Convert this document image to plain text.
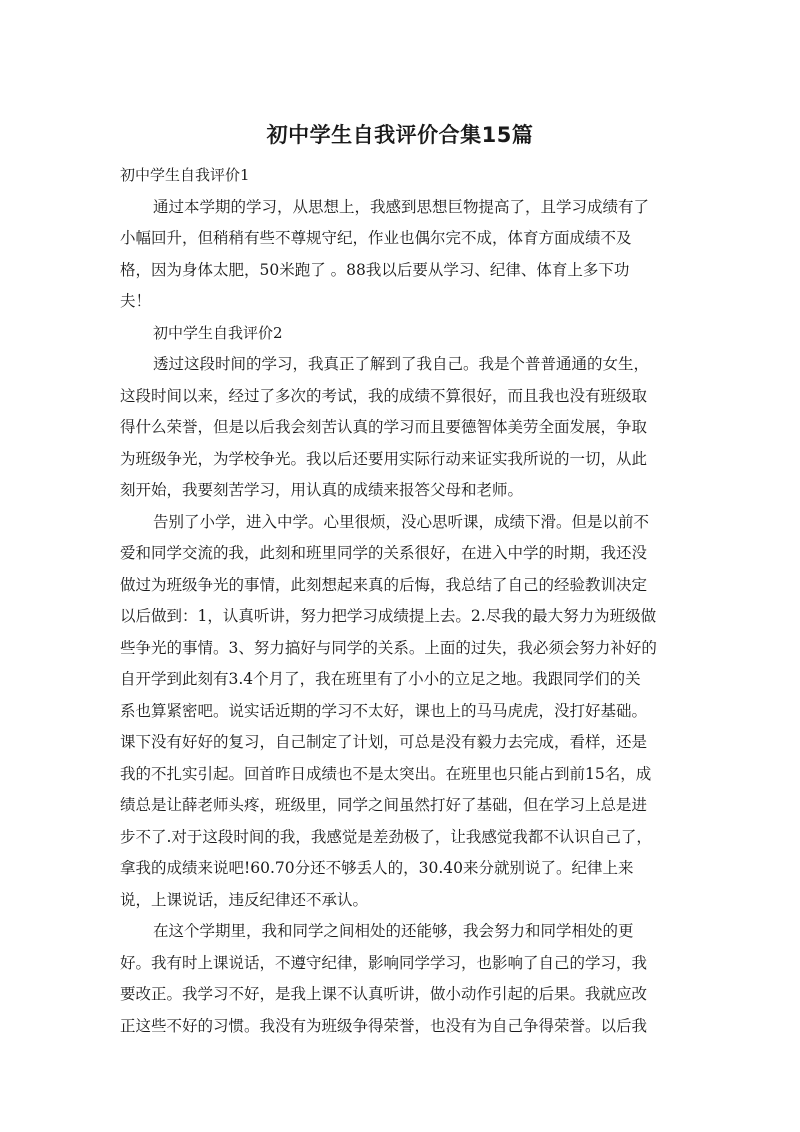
初中学生自我评价合集15篇
初中学生自我评价1
通过本学期的学习，从思想上，我感到思想巨物提高了，且学习成绩有了
小幅回升，但稍稍有些不尊规守纪，作业也偶尔完不成，体育方面成绩不及
格，因为身体太肥，50米跑了 。88我以后要从学习、纪律、体育上多下功
夫！
初中学生自我评价2
透过这段时间的学习，我真正了解到了我自己。我是个普普通通的女生，
这段时间以来，经过了多次的考试，我的成绩不算很好，而且我也没有班级取
得什么荣誉，但是以后我会刻苦认真的学习而且要德智体美劳全面发展，争取
为班级争光，为学校争光。我以后还要用实际行动来证实我所说的一切，从此
刻开始，我要刻苦学习，用认真的成绩来报答父母和老师。
告别了小学，进入中学。心里很烦，没心思听课，成绩下滑。但是以前不
爱和同学交流的我，此刻和班里同学的关系很好，在进入中学的时期，我还没
做过为班级争光的事情，此刻想起来真的后悔，我总结了自己的经验教训决定
以后做到：1，认真听讲，努力把学习成绩提上去。2.尽我的最大努力为班级做
些争光的事情。3、努力搞好与同学的关系。上面的过失，我必须会努力补好的
自开学到此刻有3.4个月了，我在班里有了小小的立足之地。我跟同学们的关
系也算紧密吧。说实话近期的学习不太好，课也上的马马虎虎，没打好基础。
课下没有好好的复习，自己制定了计划，可总是没有毅力去完成，看样，还是
我的不扎实引起。回首昨日成绩也不是太突出。在班里也只能占到前15名，成
绩总是让薛老师头疼，班级里，同学之间虽然打好了基础，但在学习上总是进
步不了.对于这段时间的我，我感觉是差劲极了，让我感觉我都不认识自己了，
拿我的成绩来说吧!60.70分还不够丢人的，30.40来分就别说了。纪律上来
说，上课说话，违反纪律还不承认。
在这个学期里，我和同学之间相处的还能够，我会努力和同学相处的更
好。我有时上课说话，不遵守纪律，影响同学学习，也影响了自己的学习，我
要改正。我学习不好，是我上课不认真听讲，做小动作引起的后果。我就应改
正这些不好的习惯。我没有为班级争得荣誉，也没有为自己争得荣誉。以后我
